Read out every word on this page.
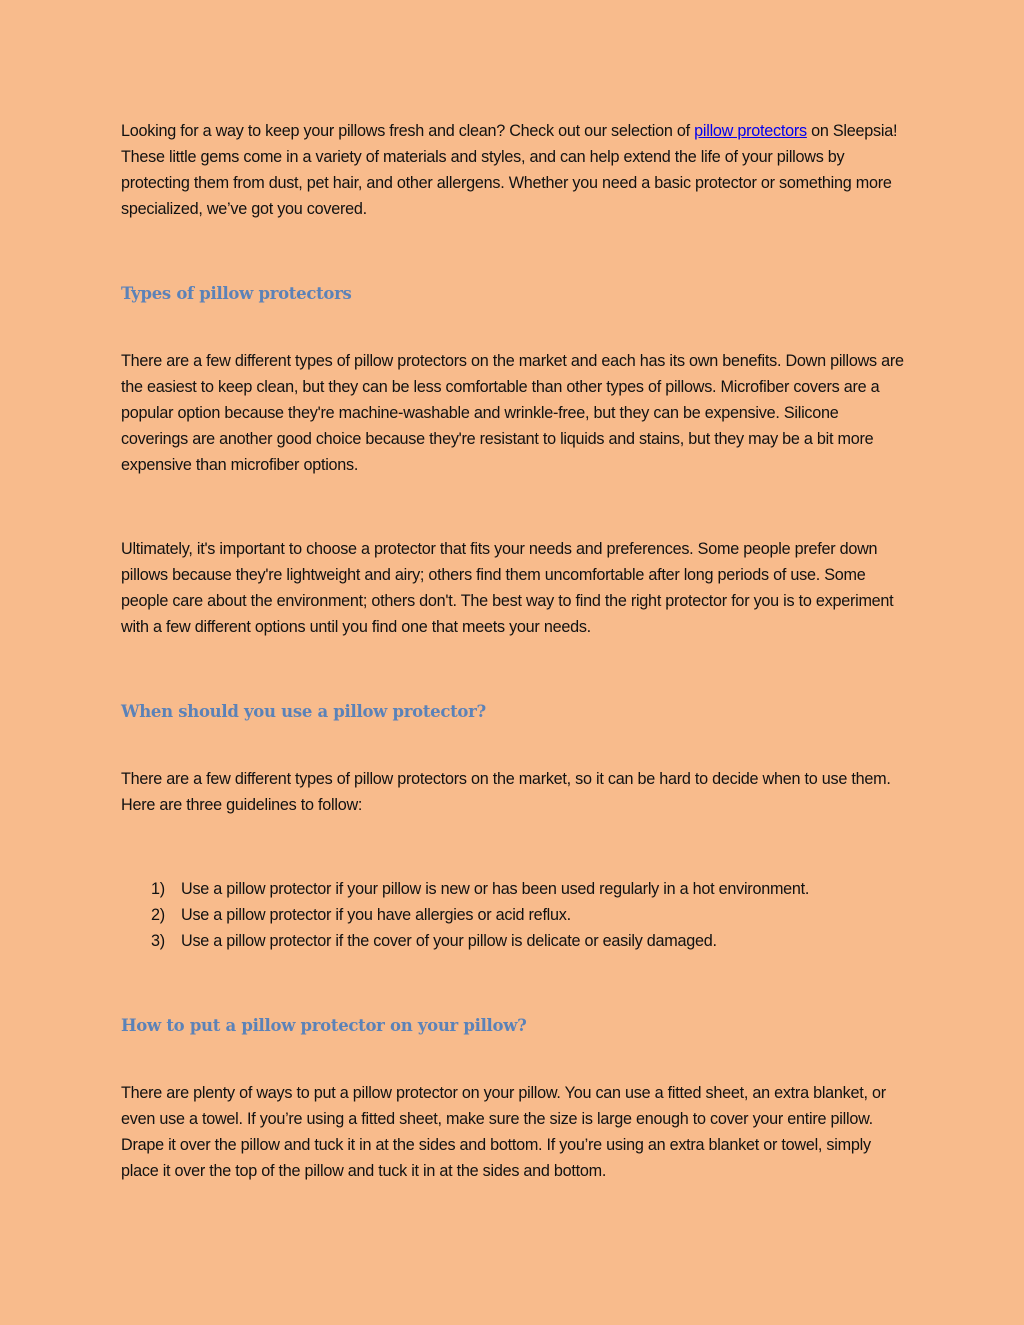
Looking for a way to keep your pillows fresh and clean? Check out our selection of pillow protectors on Sleepsia! These little gems come in a variety of materials and styles, and can help extend the life of your pillows by protecting them from dust, pet hair, and other allergens. Whether you need a basic protector or something more specialized, we’ve got you covered.

Types of pillow protectors

There are a few different types of pillow protectors on the market and each has its own benefits. Down pillows are the easiest to keep clean, but they can be less comfortable than other types of pillows. Microfiber covers are a popular option because they're machine-washable and wrinkle-free, but they can be expensive. Silicone coverings are another good choice because they're resistant to liquids and stains, but they may be a bit more expensive than microfiber options.

Ultimately, it's important to choose a protector that fits your needs and preferences. Some people prefer down pillows because they're lightweight and airy; others find them uncomfortable after long periods of use. Some people care about the environment; others don't. The best way to find the right protector for you is to experiment with a few different options until you find one that meets your needs.

When should you use a pillow protector?

There are a few different types of pillow protectors on the market, so it can be hard to decide when to use them. Here are three guidelines to follow:

1) Use a pillow protector if your pillow is new or has been used regularly in a hot environment.
2) Use a pillow protector if you have allergies or acid reflux.
3) Use a pillow protector if the cover of your pillow is delicate or easily damaged.
How to put a pillow protector on your pillow?

There are plenty of ways to put a pillow protector on your pillow. You can use a fitted sheet, an extra blanket, or even use a towel. If you’re using a fitted sheet, make sure the size is large enough to cover your entire pillow. Drape it over the pillow and tuck it in at the sides and bottom. If you’re using an extra blanket or towel, simply place it over the top of the pillow and tuck it in at the sides and bottom.
